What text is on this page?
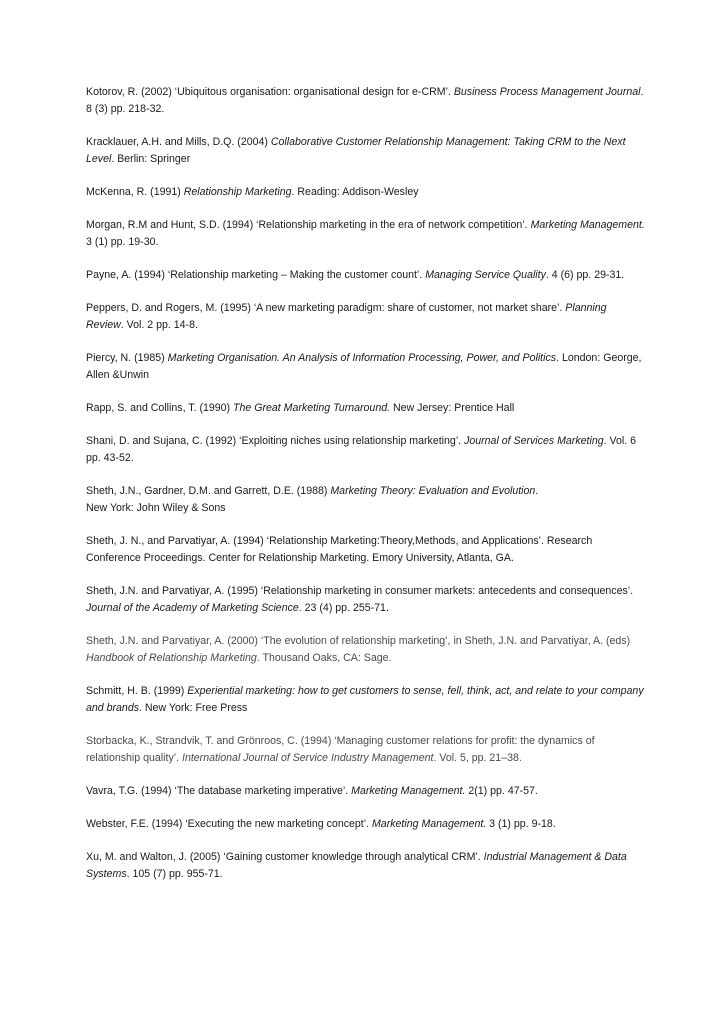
Kotorov, R. (2002) ‘Ubiquitous organisation: organisational design for e-CRM’. Business Process Management Journal. 8 (3) pp. 218-32.

Kracklauer, A.H. and Mills, D.Q. (2004) Collaborative Customer Relationship Management: Taking CRM to the Next Level. Berlin: Springer

McKenna, R. (1991) Relationship Marketing. Reading: Addison-Wesley

Morgan, R.M and Hunt, S.D. (1994) ‘Relationship marketing in the era of network competition’. Marketing Management. 3 (1) pp. 19-30.

Payne, A. (1994) ‘Relationship marketing – Making the customer count’. Managing Service Quality. 4 (6) pp. 29-31.

Peppers, D. and Rogers, M. (1995) ‘A new marketing paradigm: share of customer, not market share’. Planning Review. Vol. 2 pp. 14-8.

Piercy, N. (1985) Marketing Organisation. An Analysis of Information Processing, Power, and Politics. London: George, Allen &Unwin

Rapp, S. and Collins, T. (1990) The Great Marketing Turnaround. New Jersey: Prentice Hall

Shani, D. and Sujana, C. (1992) ‘Exploiting niches using relationship marketing’. Journal of Services Marketing. Vol. 6 pp. 43-52.

Sheth, J.N., Gardner, D.M. and Garrett, D.E. (1988) Marketing Theory: Evaluation and Evolution.
New York: John Wiley & Sons

Sheth, J. N., and Parvatiyar, A. (1994) ‘Relationship Marketing:Theory,Methods, and Applications’. Research Conference Proceedings. Center for Relationship Marketing. Emory University, Atlanta, GA.

Sheth, J.N. and Parvatiyar, A. (1995) ‘Relationship marketing in consumer markets: antecedents and consequences’. Journal of the Academy of Marketing Science. 23 (4) pp. 255-71.

Sheth, J.N. and Parvatiyar, A. (2000) ‘The evolution of relationship marketing’, in Sheth, J.N. and Parvatiyar, A. (eds) Handbook of Relationship Marketing. Thousand Oaks, CA: Sage.

Schmitt, H. B. (1999) Experiential marketing: how to get customers to sense, fell, think, act, and relate to your company and brands. New York: Free Press

Storbacka, K., Strandvik, T. and Grönroos, C. (1994) ‘Managing customer relations for profit: the dynamics of relationship quality’. International Journal of Service Industry Management. Vol. 5, pp. 21–38.

Vavra, T.G. (1994) ‘The database marketing imperative’. Marketing Management. 2(1) pp. 47-57.

Webster, F.E. (1994) ‘Executing the new marketing concept’. Marketing Management. 3 (1) pp. 9-18.

Xu, M. and Walton, J. (2005) ‘Gaining customer knowledge through analytical CRM’. Industrial Management & Data Systems. 105 (7) pp. 955-71.
